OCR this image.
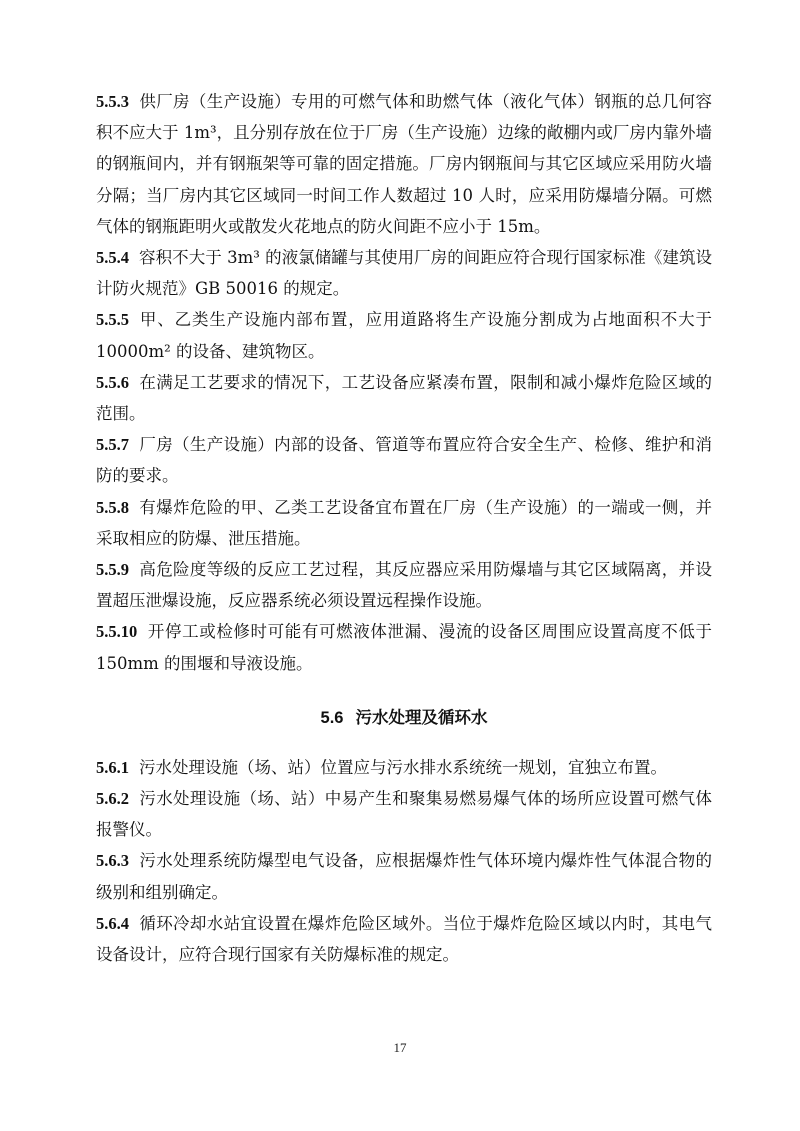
5.5.3 供厂房（生产设施）专用的可燃气体和助燃气体（液化气体）钢瓶的总几何容积不应大于 1m³，且分别存放在位于厂房（生产设施）边缘的敞棚内或厂房内靠外墙的钢瓶间内，并有钢瓶架等可靠的固定措施。厂房内钢瓶间与其它区域应采用防火墙分隔；当厂房内其它区域同一时间工作人数超过 10 人时，应采用防爆墙分隔。可燃气体的钢瓶距明火或散发火花地点的防火间距不应小于 15m。

5.5.4 容积不大于 3m³ 的液氯储罐与其使用厂房的间距应符合现行国家标准《建筑设计防火规范》GB 50016 的规定。

5.5.5 甲、乙类生产设施内部布置，应用道路将生产设施分割成为占地面积不大于 10000m² 的设备、建筑物区。

5.5.6 在满足工艺要求的情况下，工艺设备应紧凑布置，限制和减小爆炸危险区域的范围。

5.5.7 厂房（生产设施）内部的设备、管道等布置应符合安全生产、检修、维护和消防的要求。

5.5.8 有爆炸危险的甲、乙类工艺设备宜布置在厂房（生产设施）的一端或一侧，并采取相应的防爆、泄压措施。

5.5.9 高危险度等级的反应工艺过程，其反应器应采用防爆墙与其它区域隔离，并设置超压泄爆设施，反应器系统必须设置远程操作设施。

5.5.10 开停工或检修时可能有可燃液体泄漏、漫流的设备区周围应设置高度不低于 150mm 的围堰和导液设施。

5.6 污水处理及循环水

5.6.1 污水处理设施（场、站）位置应与污水排水系统统一规划，宜独立布置。

5.6.2 污水处理设施（场、站）中易产生和聚集易燃易爆气体的场所应设置可燃气体报警仪。

5.6.3 污水处理系统防爆型电气设备，应根据爆炸性气体环境内爆炸性气体混合物的级别和组别确定。

5.6.4 循环冷却水站宜设置在爆炸危险区域外。当位于爆炸危险区域以内时，其电气设备设计，应符合现行国家有关防爆标准的规定。

17
